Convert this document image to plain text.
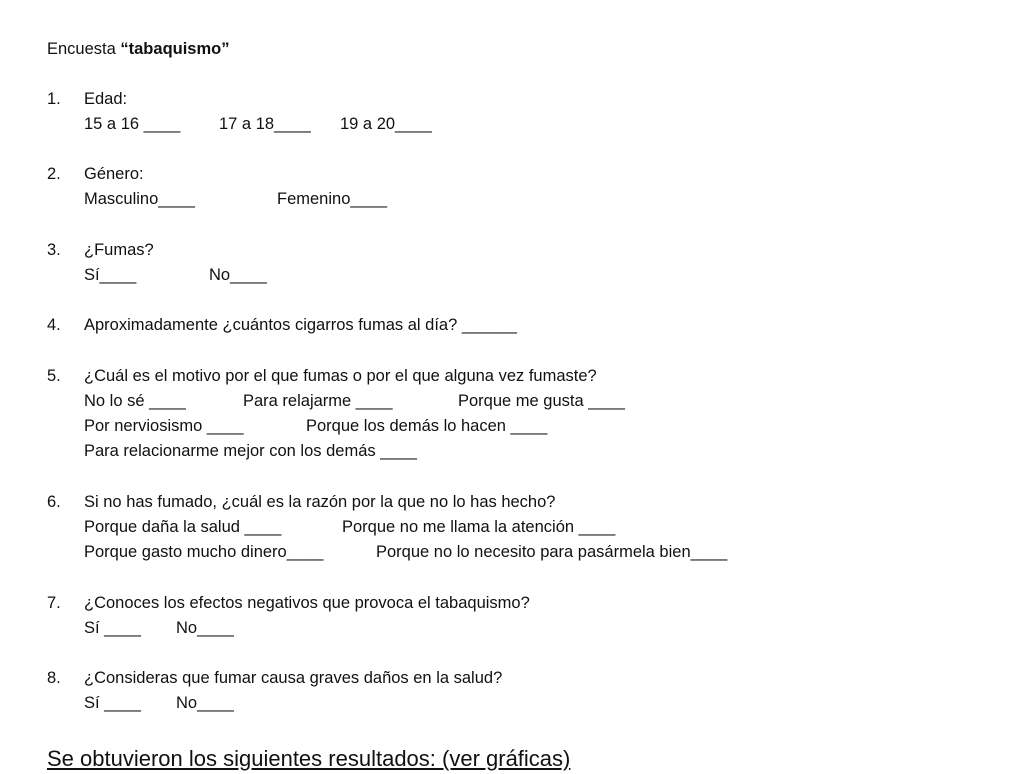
Encuesta “tabaquismo”
1. Edad:
15 a 16 ____ 17 a 18____ 19 a 20____
2. Género:
Masculino____	Femenino____
3. ¿Fumas?
Sí____	No____
4. Aproximadamente ¿cuántos cigarros fumas al día? ______
5. ¿Cuál es el motivo por el que fumas o por el que alguna vez fumaste?
No lo sé ____	Para relajarme ____	Porque me gusta ____
Por nerviosismo ____	Porque los demás lo hacen ____
Para relacionarme mejor con los demás ____
6. Si no has fumado, ¿cuál es la razón por la que no lo has hecho?
Porque daña la salud ____	Porque no me llama la atención ____
Porque gasto mucho dinero____	Porque no lo necesito para pasármela bien____
7. ¿Conoces los efectos negativos que provoca el tabaquismo?
Sí ____ No____
8. ¿Consideras que fumar causa graves daños en la salud?
Sí ____ No____
Se obtuvieron los siguientes resultados: (ver gráficas)
